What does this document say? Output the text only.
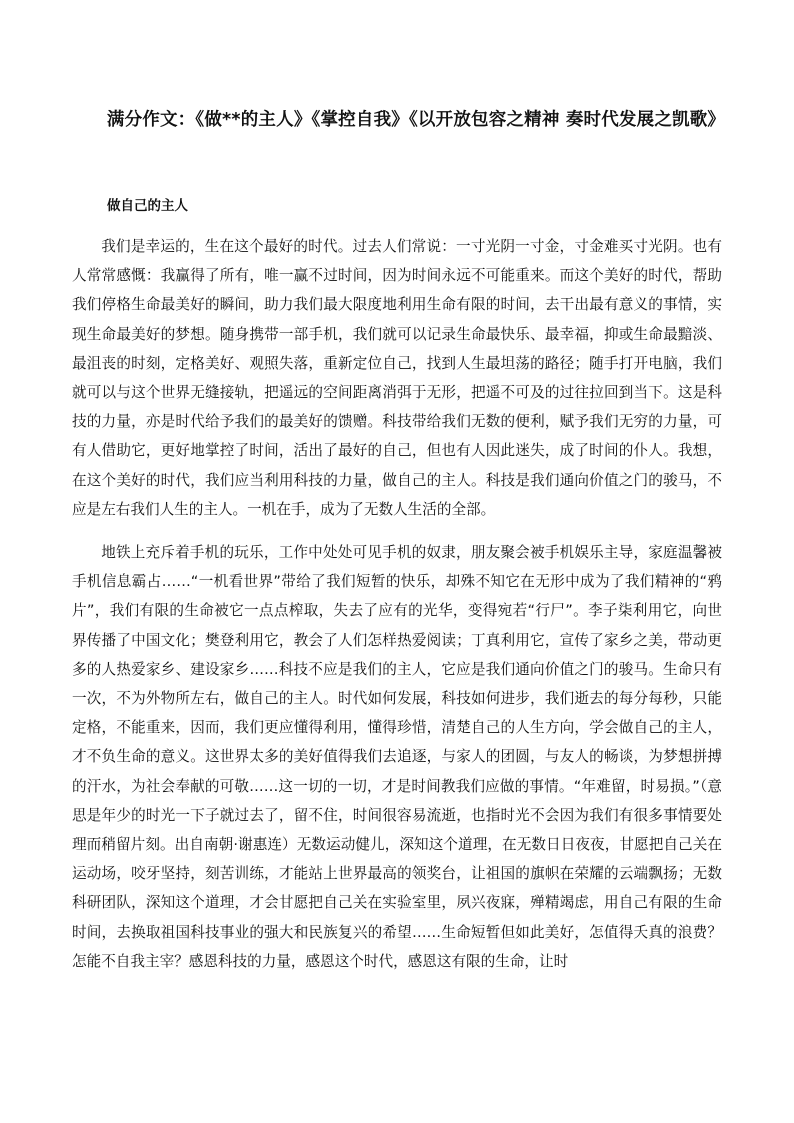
满分作文：《做**的主人》《掌控自我》《以开放包容之精神 奏时代发展之凯歌》
做自己的主人

我们是幸运的，生在这个最好的时代。过去人们常说：一寸光阴一寸金，寸金难买寸光阴。也有人常常感慨：我赢得了所有，唯一赢不过时间，因为时间永远不可能重来。而这个美好的时代，帮助我们停格生命最美好的瞬间，助力我们最大限度地利用生命有限的时间，去干出最有意义的事情，实现生命最美好的梦想。随身携带一部手机，我们就可以记录生命最快乐、最幸福，抑或生命最黯淡、最沮丧的时刻，定格美好、观照失落，重新定位自己，找到人生最坦荡的路径；随手打开电脑，我们就可以与这个世界无缝接轨，把遥远的空间距离消弭于无形，把遥不可及的过往拉回到当下。这是科技的力量，亦是时代给予我们的最美好的馈赠。科技带给我们无数的便利，赋予我们无穷的力量，可有人借助它，更好地掌控了时间，活出了最好的自己，但也有人因此迷失，成了时间的仆人。我想，在这个美好的时代，我们应当利用科技的力量，做自己的主人。科技是我们通向价值之门的骏马，不应是左右我们人生的主人。一机在手，成为了无数人生活的全部。

地铁上充斥着手机的玩乐，工作中处处可见手机的奴隶，朋友聚会被手机娱乐主导，家庭温馨被手机信息霸占……“一机看世界”带给了我们短暂的快乐，却殊不知它在无形中成为了我们精神的“鸦片”，我们有限的生命被它一点点榨取，失去了应有的光华，变得宛若“行尸”。李子柒利用它，向世界传播了中国文化；樊登利用它，教会了人们怎样热爱阅读；丁真利用它，宣传了家乡之美，带动更多的人热爱家乡、建设家乡……科技不应是我们的主人，它应是我们通向价值之门的骏马。生命只有一次，不为外物所左右，做自己的主人。时代如何发展，科技如何进步，我们逝去的每分每秒，只能定格，不能重来，因而，我们更应懂得利用，懂得珍惜，清楚自己的人生方向，学会做自己的主人，才不负生命的意义。这世界太多的美好值得我们去追逐，与家人的团圆，与友人的畅谈，为梦想拼搏的汗水，为社会奉献的可敬……这一切的一切，才是时间教我们应做的事情。“年难留，时易损。”（意思是年少的时光一下子就过去了，留不住，时间很容易流逝，也指时光不会因为我们有很多事情要处理而稍留片刻。出自南朝·谢惠连）无数运动健儿，深知这个道理，在无数日日夜夜，甘愿把自己关在运动场，咬牙坚持，刻苦训练，才能站上世界最高的领奖台，让祖国的旗帜在荣耀的云端飘扬；无数科研团队，深知这个道理，才会甘愿把自己关在实验室里，夙兴夜寐，殚精竭虑，用自己有限的生命时间，去换取祖国科技事业的强大和民族复兴的希望……生命短暂但如此美好，怎值得夭真的浪费？怎能不自我主宰？感恩科技的力量，感恩这个时代，感恩这有限的生命，让时
